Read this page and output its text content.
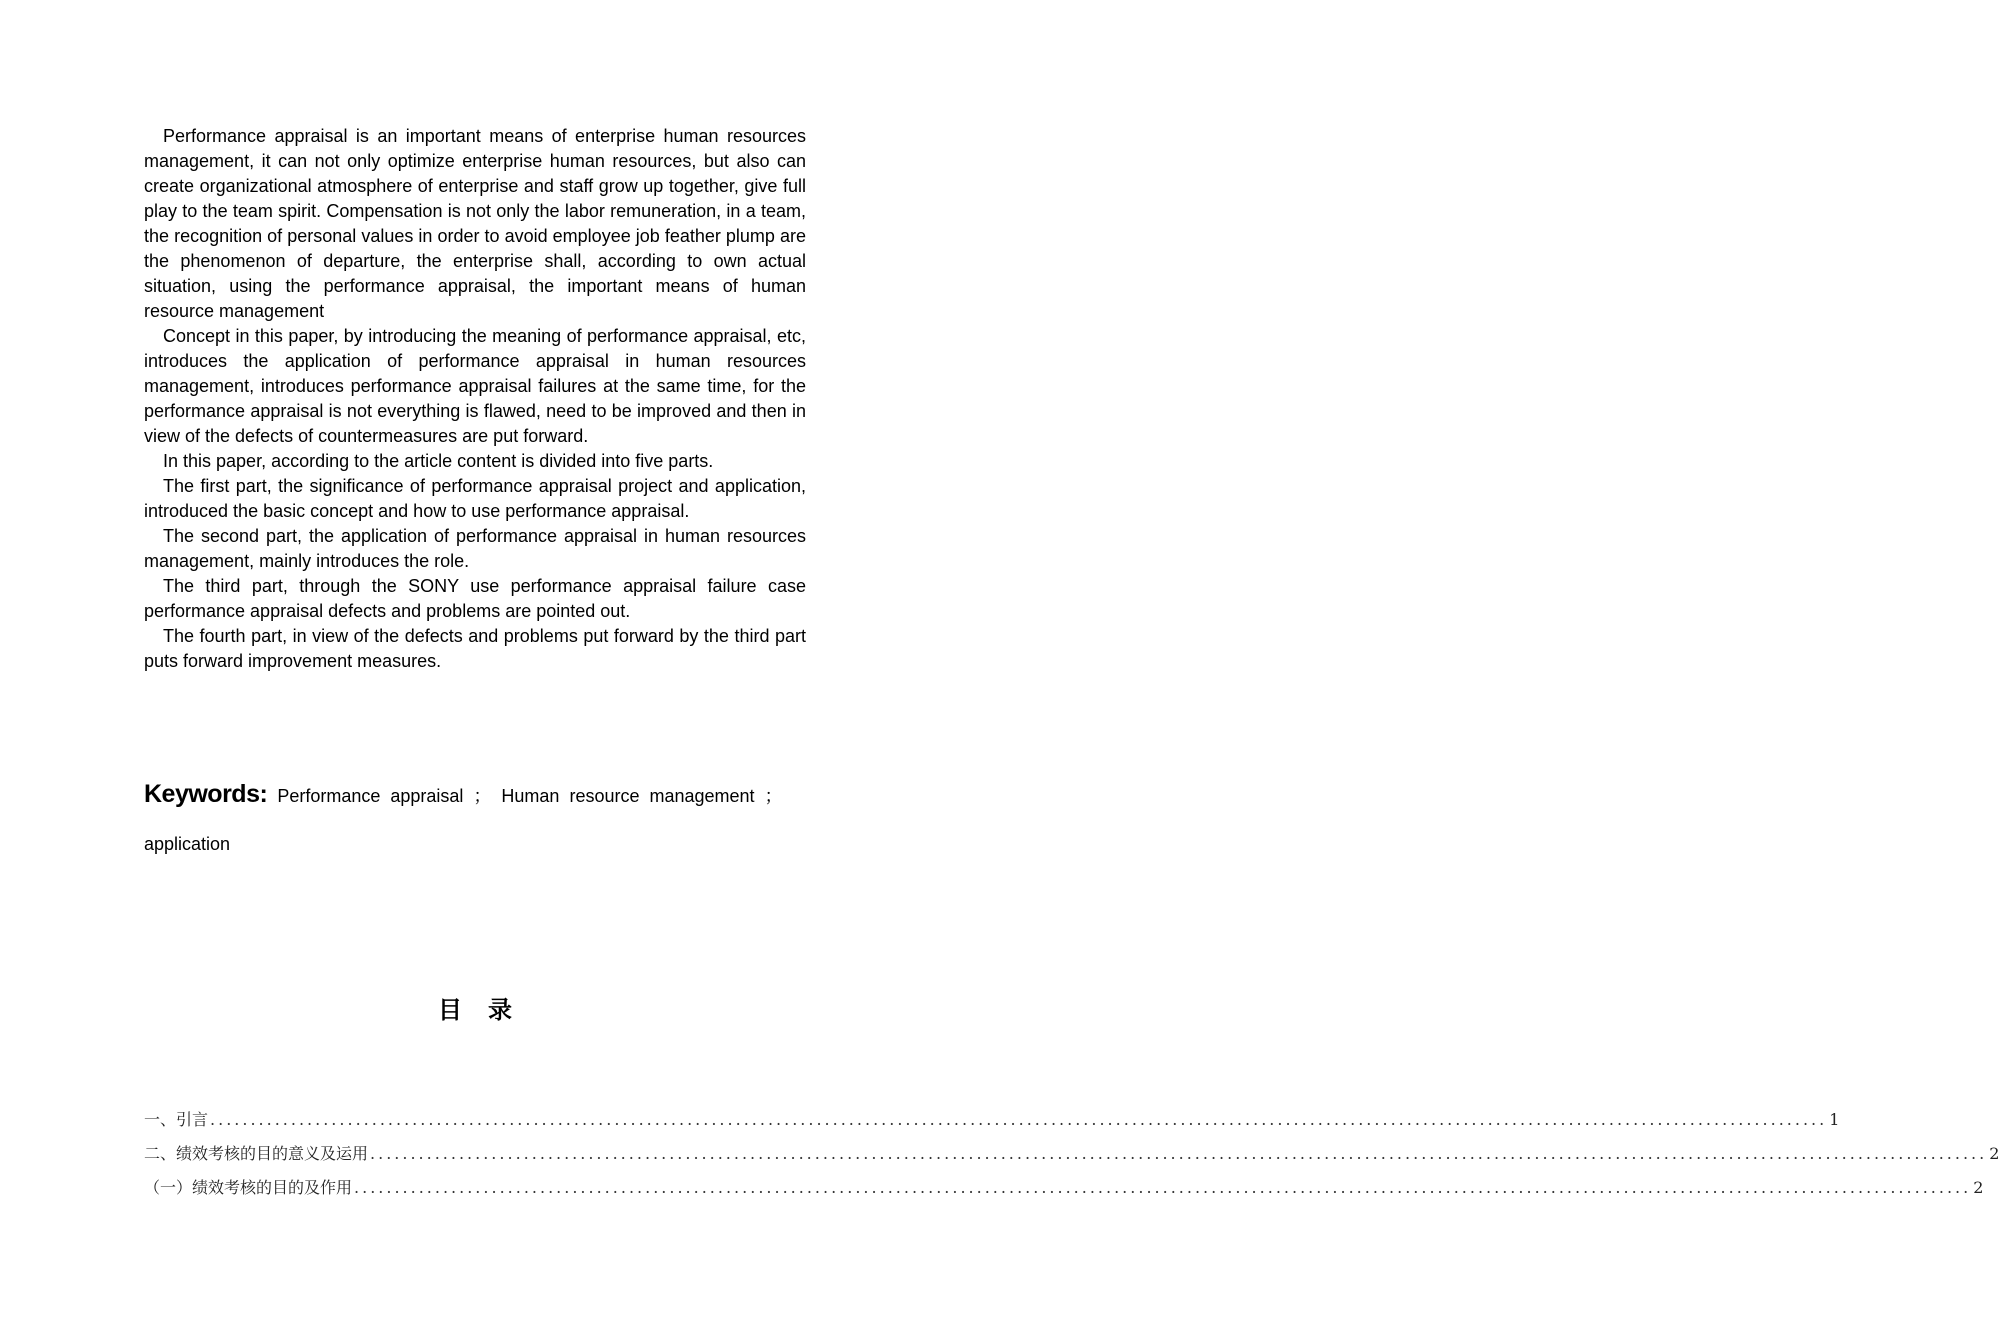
Performance appraisal is an important means of enterprise human resources management, it can not only optimize enterprise human resources, but also can create organizational atmosphere of enterprise and staff grow up together, give full play to the team spirit. Compensation is not only the labor remuneration, in a team, the recognition of personal values in order to avoid employee job feather plump are the phenomenon of departure, the enterprise shall, according to own actual situation, using the performance appraisal, the important means of human resource management

Concept in this paper, by introducing the meaning of performance appraisal, etc, introduces the application of performance appraisal in human resources management, introduces performance appraisal failures at the same time, for the performance appraisal is not everything is flawed, need to be improved and then in view of the defects of countermeasures are put forward.

In this paper, according to the article content is divided into five parts.

The first part, the significance of performance appraisal project and application, introduced the basic concept and how to use performance appraisal.

The second part, the application of performance appraisal in human resources management, mainly introduces the role.

The third part, through the SONY use performance appraisal failure case performance appraisal defects and problems are pointed out.

The fourth part, in view of the defects and problems put forward by the third part puts forward improvement measures.

Keywords: Performance appraisal ； Human resource management ； application
目录
一、引言 ........................................................................................................................................................................................................ 1
二、绩效考核的目的意义及运用 ........................................................................................................................................................................................................ 2
（一）绩效考核的目的及作用 ........................................................................................................................................................................................................ 2
